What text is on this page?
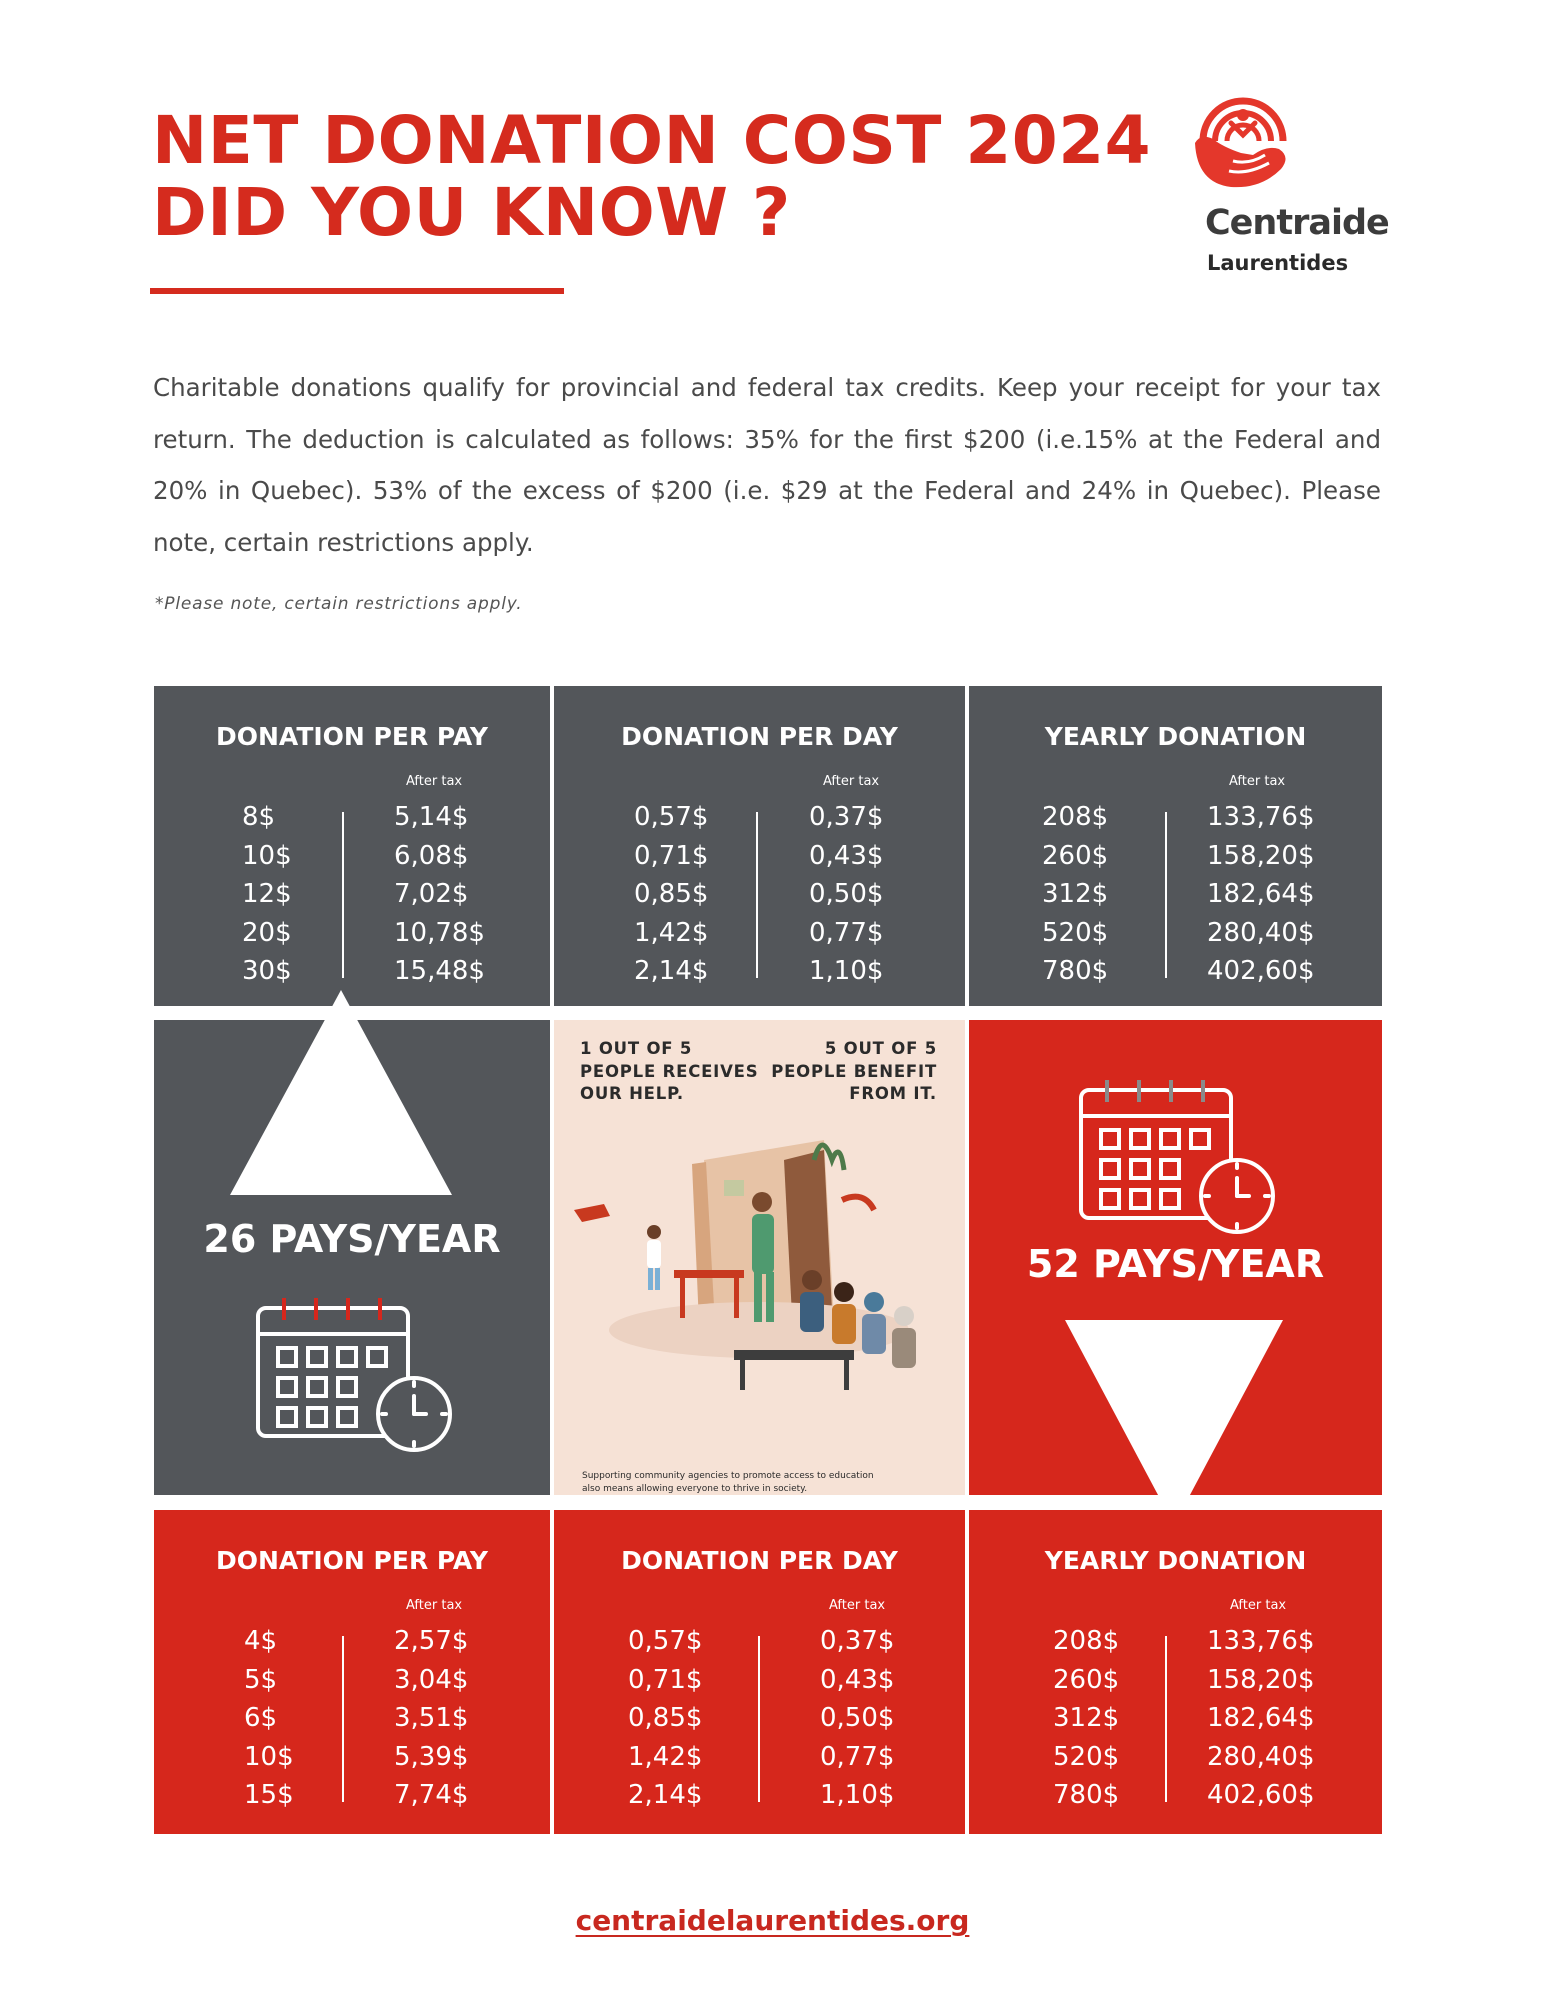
NET DONATION COST 2024
DID YOU KNOW ?	Centraide
Laurentides
Charitable donations qualify for provincial and federal tax credits. Keep your receipt for your tax return. The deduction is calculated as follows: 35% for the first $200 (i.e.15% at the Federal and 20% in Quebec). 53% of the excess of $200 (i.e. $29 at the Federal and 24% in Quebec). Please note, certain restrictions apply.
*Please note, certain restrictions apply.
DONATION PER PAY
After tax
8$
10$
12$
20$
30$
5,14$
6,08$
7,02$
10,78$
15,48$
DONATION PER DAY
After tax
0,57$
0,71$
0,85$
1,42$
2,14$
0,37$
0,43$
0,50$
0,77$
1,10$
YEARLY DONATION
After tax
208$
260$
312$
520$
780$
133,76$
158,20$
182,64$
280,40$
402,60$
26 PAYS/YEAR
1 OUT OF 5
PEOPLE RECEIVES
OUR HELP.
5 OUT OF 5
PEOPLE BENEFIT
FROM IT.
Supporting community agencies to promote access to education also means allowing everyone to thrive in society.
52 PAYS/YEAR
DONATION PER PAY
After tax
4$
5$
6$
10$
15$
2,57$
3,04$
3,51$
5,39$
7,74$
DONATION PER DAY
After tax
0,57$
0,71$
0,85$
1,42$
2,14$
0,37$
0,43$
0,50$
0,77$
1,10$
YEARLY DONATION
After tax
208$
260$
312$
520$
780$
133,76$
158,20$
182,64$
280,40$
402,60$
centraidelaurentides.org
